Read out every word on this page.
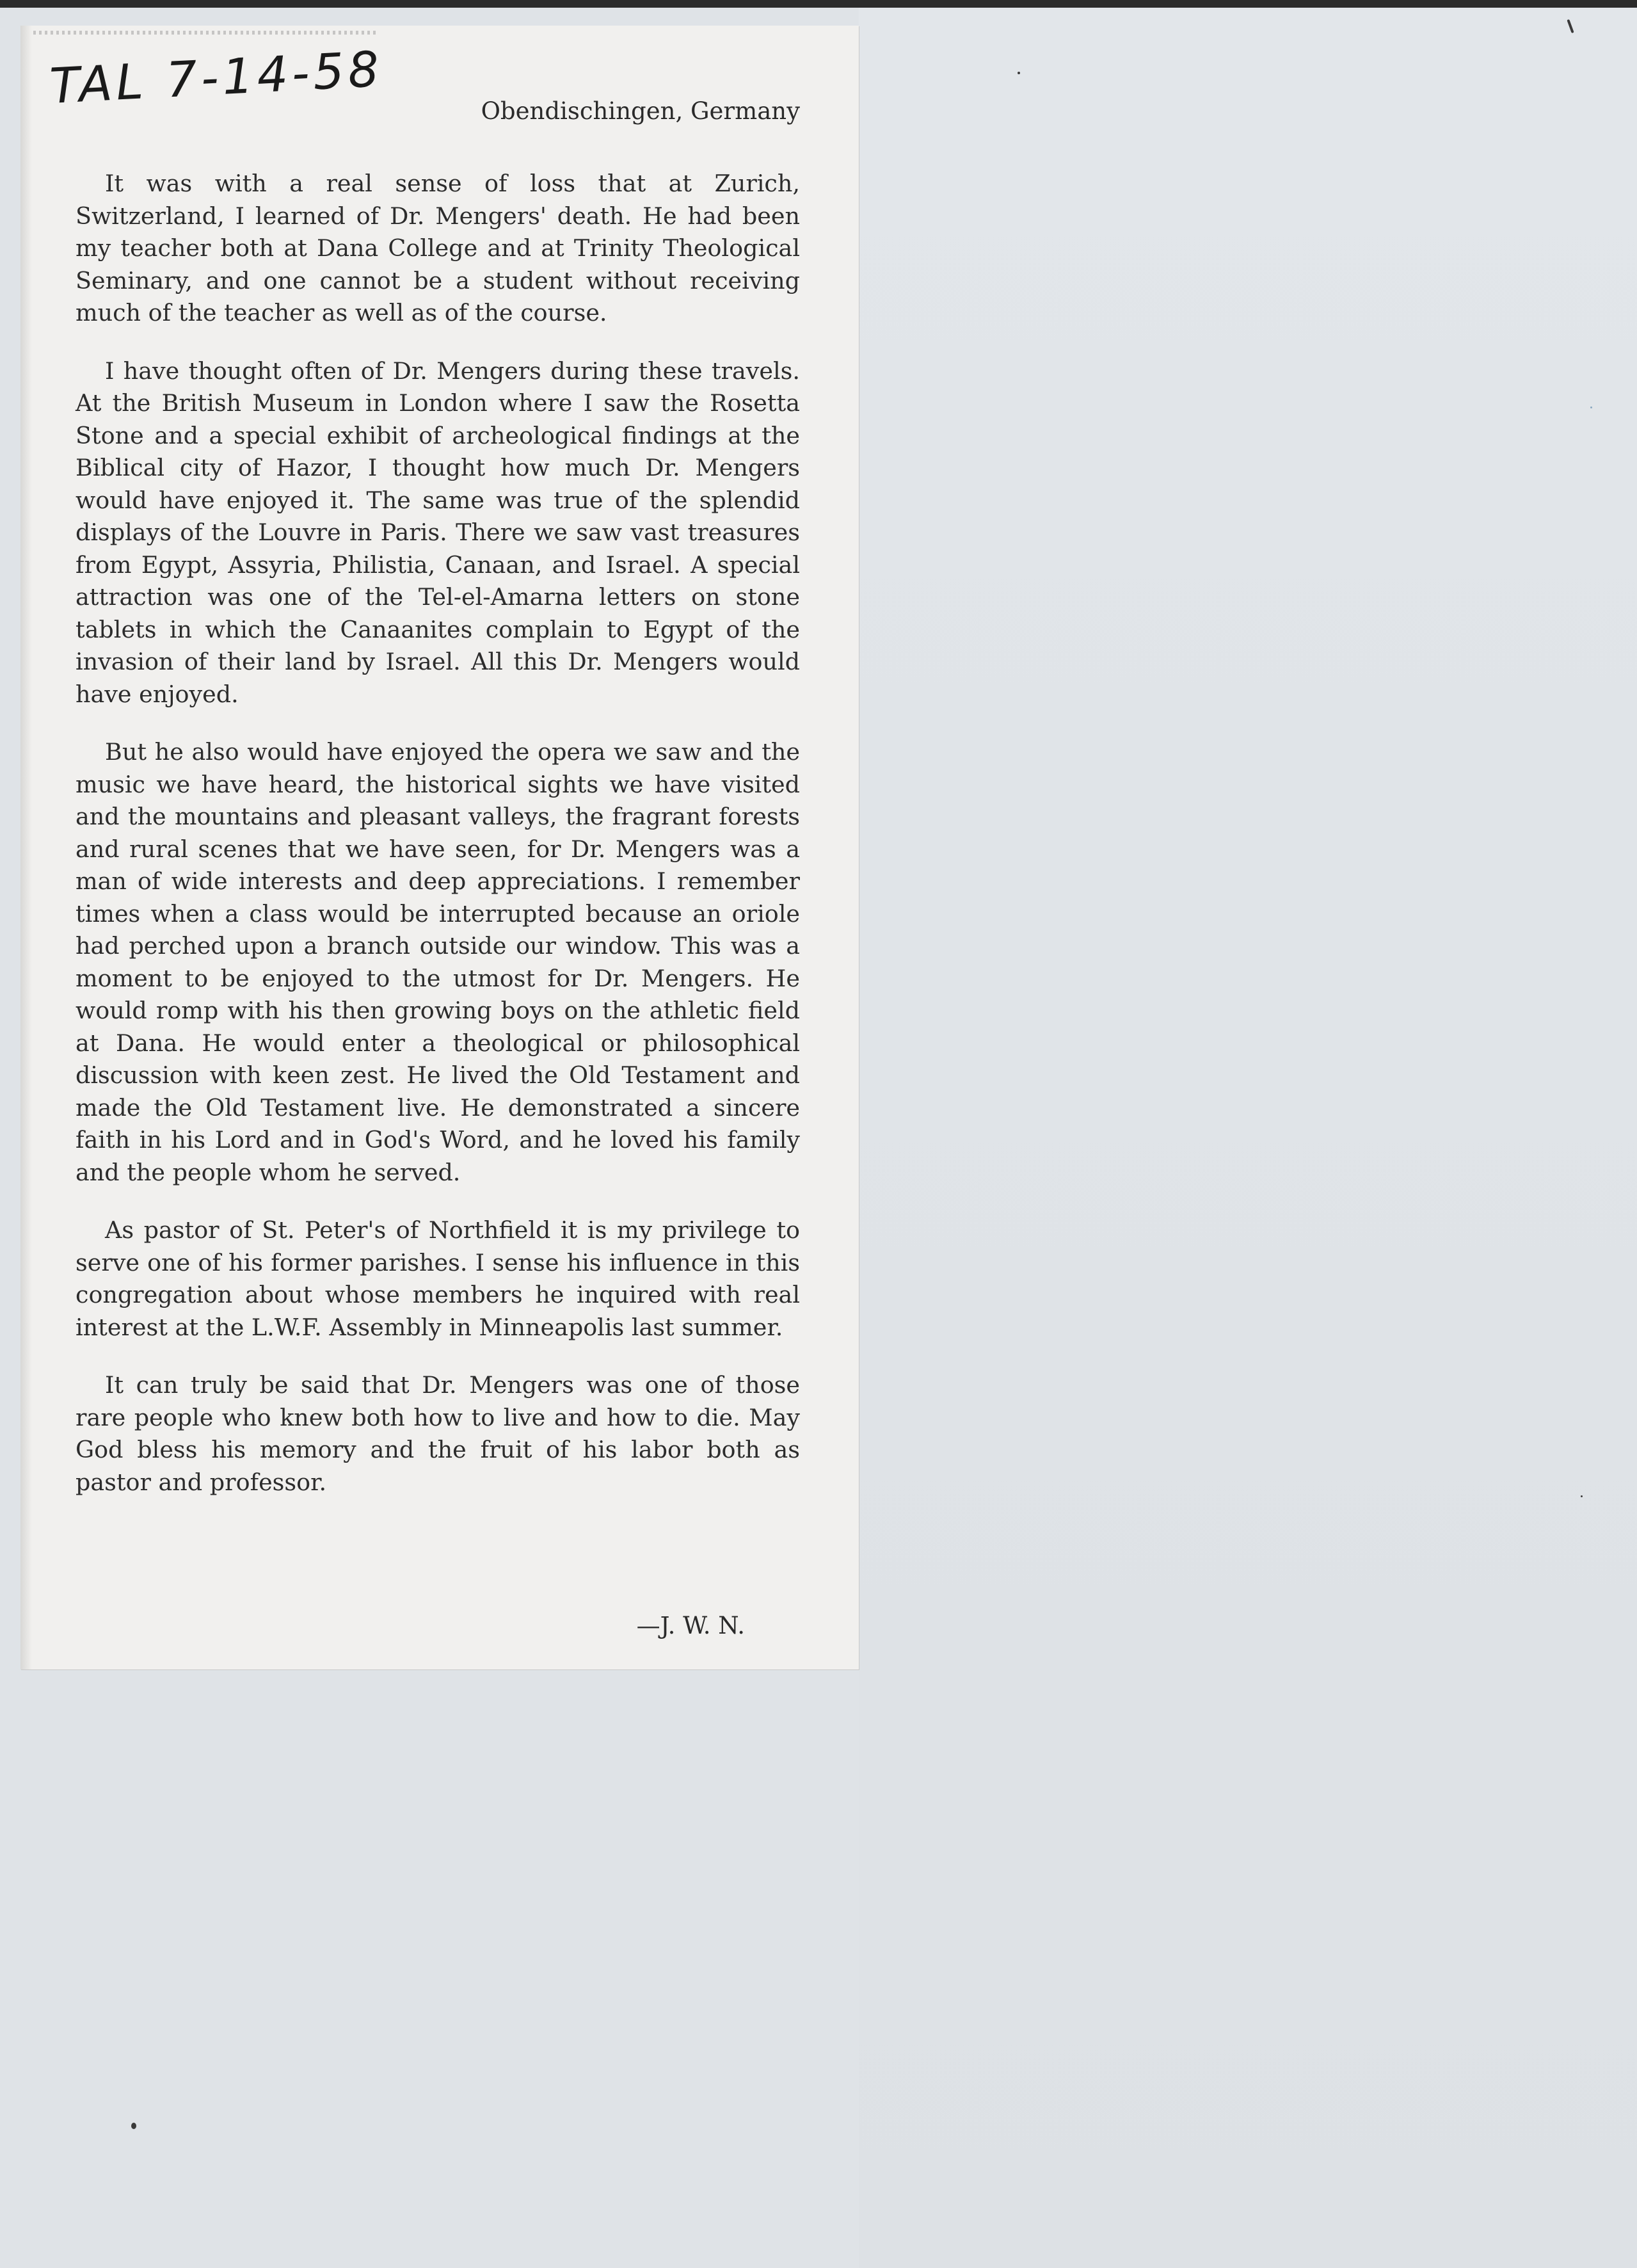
TAL 7-14-58	Obendischingen, Germany

It was with a real sense of loss that at Zurich, Switzerland, I learned of Dr. Mengers' death. He had been my teacher both at Dana College and at Trinity Theological Seminary, and one cannot be a student without receiving much of the teacher as well as of the course.

I have thought often of Dr. Mengers during these travels. At the British Museum in London where I saw the Rosetta Stone and a special exhibit of archeological findings at the Biblical city of Hazor, I thought how much Dr. Mengers would have enjoyed it. The same was true of the splendid displays of the Louvre in Paris. There we saw vast treasures from Egypt, Assyria, Philistia, Canaan, and Israel. A special attraction was one of the Tel-el-Amarna letters on stone tablets in which the Canaanites complain to Egypt of the invasion of their land by Israel. All this Dr. Mengers would have enjoyed.

But he also would have enjoyed the opera we saw and the music we have heard, the historical sights we have visited and the mountains and pleasant valleys, the fragrant forests and rural scenes that we have seen, for Dr. Mengers was a man of wide interests and deep appreciations. I remember times when a class would be interrupted because an oriole had perched upon a branch outside our window. This was a moment to be enjoyed to the utmost for Dr. Mengers. He would romp with his then growing boys on the athletic field at Dana. He would enter a theological or philosophical discussion with keen zest. He lived the Old Testament and made the Old Testament live. He demonstrated a sincere faith in his Lord and in God's Word, and he loved his family and the people whom he served.

As pastor of St. Peter's of Northfield it is my privilege to serve one of his former parishes. I sense his influence in this congregation about whose members he inquired with real interest at the L.W.F. Assembly in Minneapolis last summer.

It can truly be said that Dr. Mengers was one of those rare people who knew both how to live and how to die. May God bless his memory and the fruit of his labor both as pastor and professor.

—J. W. N.
